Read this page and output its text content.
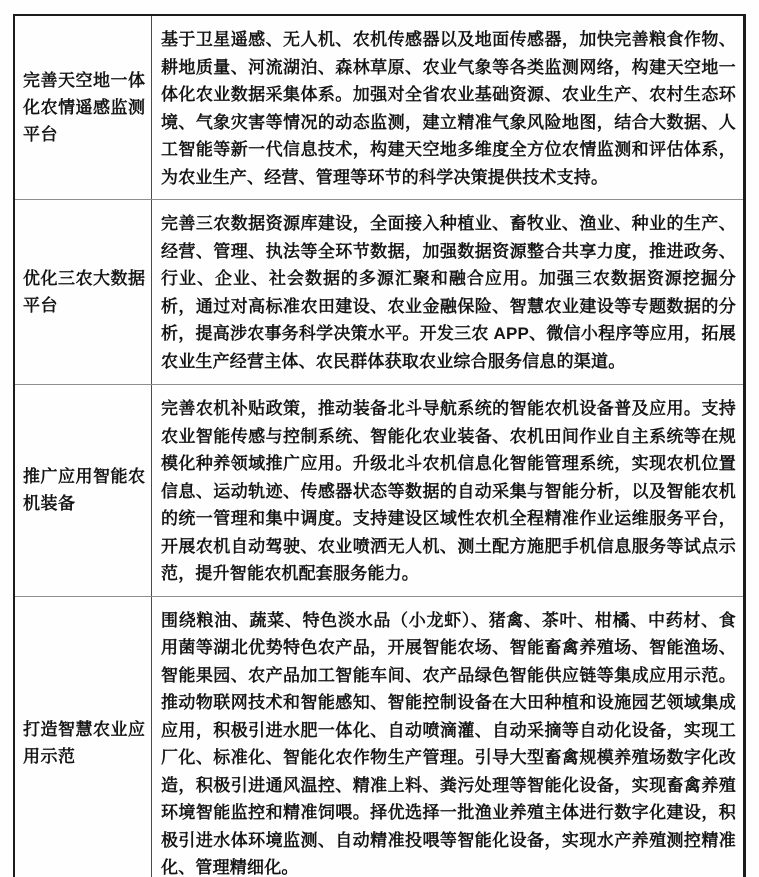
完善天空地一体化农情遥感监测平台
基于卫星遥感、无人机、农机传感器以及地面传感器，加快完善粮食作物、耕地质量、河流湖泊、森林草原、农业气象等各类监测网络，构建天空地一体化农业数据采集体系。加强对全省农业基础资源、农业生产、农村生态环境、气象灾害等情况的动态监测，建立精准气象风险地图，结合大数据、人工智能等新一代信息技术，构建天空地多维度全方位农情监测和评估体系，为农业生产、经营、管理等环节的科学决策提供技术支持。
优化三农大数据平台
完善三农数据资源库建设，全面接入种植业、畜牧业、渔业、种业的生产、经营、管理、执法等全环节数据，加强数据资源整合共享力度，推进政务、行业、企业、社会数据的多源汇聚和融合应用。加强三农数据资源挖掘分析，通过对高标准农田建设、农业金融保险、智慧农业建设等专题数据的分析，提高涉农事务科学决策水平。开发三农 APP、微信小程序等应用，拓展农业生产经营主体、农民群体获取农业综合服务信息的渠道。
推广应用智能农机装备
完善农机补贴政策，推动装备北斗导航系统的智能农机设备普及应用。支持农业智能传感与控制系统、智能化农业装备、农机田间作业自主系统等在规模化种养领域推广应用。升级北斗农机信息化智能管理系统，实现农机位置信息、运动轨迹、传感器状态等数据的自动采集与智能分析，以及智能农机的统一管理和集中调度。支持建设区域性农机全程精准作业运维服务平台，开展农机自动驾驶、农业喷洒无人机、测土配方施肥手机信息服务等试点示范，提升智能农机配套服务能力。
打造智慧农业应用示范
围绕粮油、蔬菜、特色淡水品（小龙虾）、猪禽、茶叶、柑橘、中药材、食用菌等湖北优势特色农产品，开展智能农场、智能畜禽养殖场、智能渔场、智能果园、农产品加工智能车间、农产品绿色智能供应链等集成应用示范。推动物联网技术和智能感知、智能控制设备在大田种植和设施园艺领域集成应用，积极引进水肥一体化、自动喷滴灌、自动采摘等自动化设备，实现工厂化、标准化、智能化农作物生产管理。引导大型畜禽规模养殖场数字化改造，积极引进通风温控、精准上料、粪污处理等智能化设备，实现畜禽养殖环境智能监控和精准饲喂。择优选择一批渔业养殖主体进行数字化建设，积极引进水体环境监测、自动精准投喂等智能化设备，实现水产养殖测控精准化、管理精细化。
